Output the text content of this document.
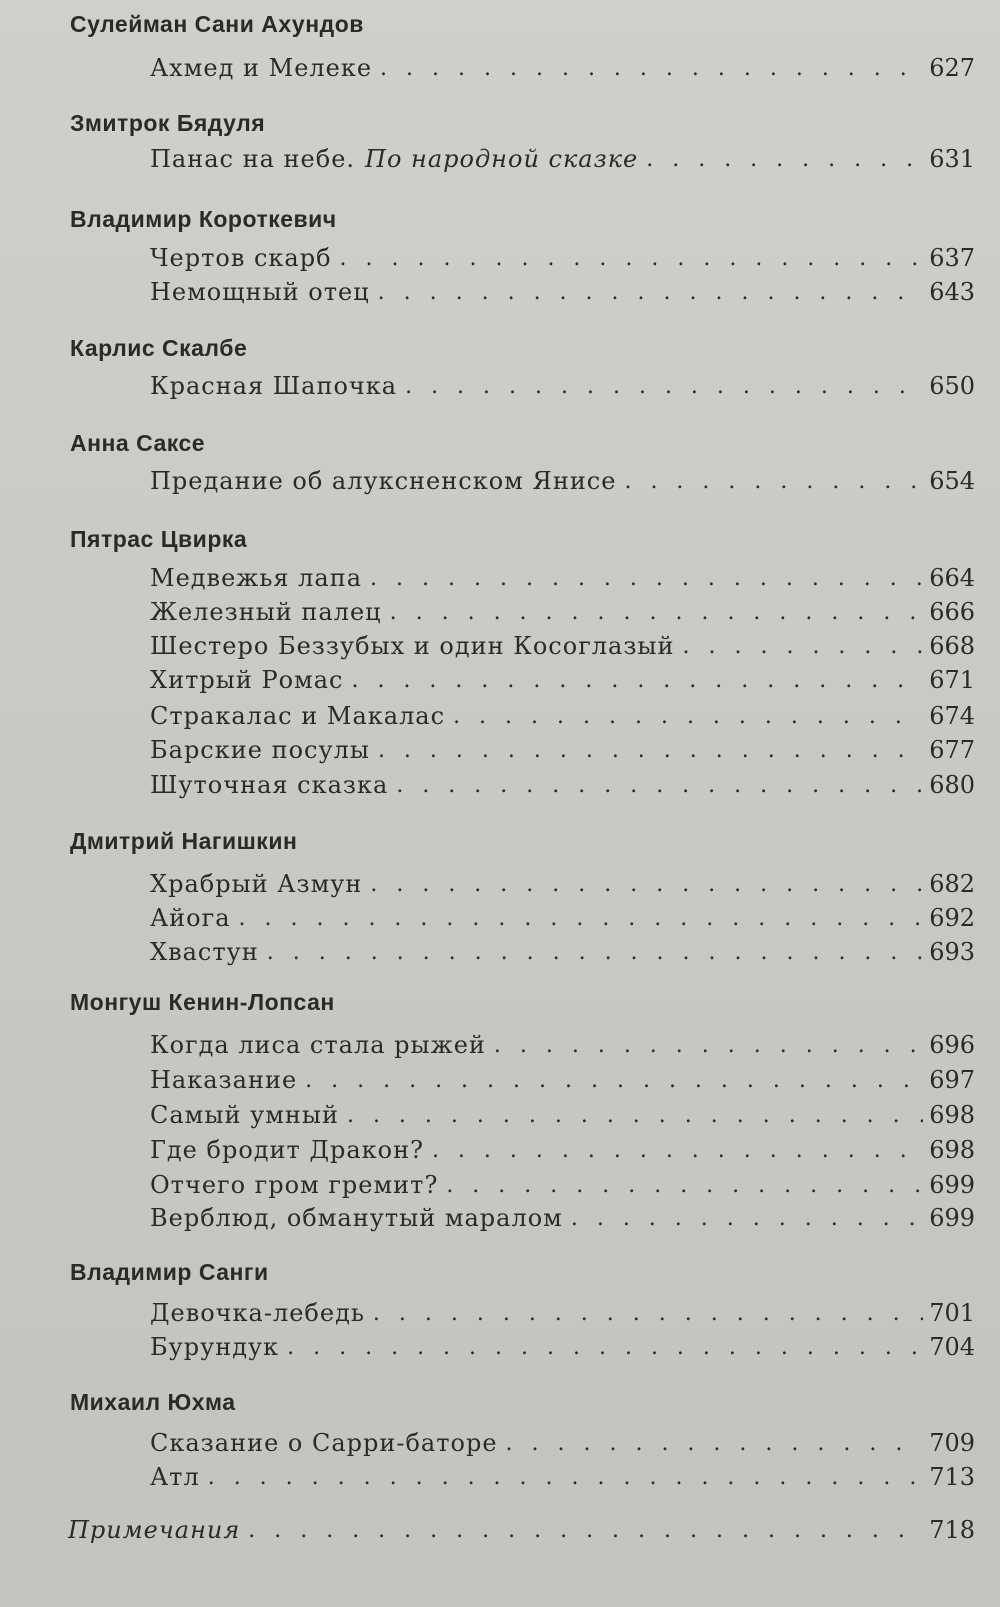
Сулейман Сани Ахундов
Ахмед и Мелеке . . .	627
Змитрок Бядуля
Панас на небе. По народной сказке . . .	631
Владимир Короткевич
Чертов скарб . . .	637
Немощный отец . . .	643
Карлис Скалбе
Красная Шапочка . . .	650
Анна Саксе
Предание об алуксненском Янисе . . .	654
Пятрас Цвирка
Медвежья лапа . . .	664
Железный палец . . .	666
Шестеро Беззубых и один Косоглазый . . .	668
Хитрый Ромас . . .	671
Стракалас и Макалас . . .	674
Барские посулы . . .	677
Шуточная сказка . . .	680
Дмитрий Нагишкин
Храбрый Азмун . . .	682
Айога . . .	692
Хвастун . . .	693
Монгуш Кенин-Лопсан
Когда лиса стала рыжей . . .	696
Наказание . . .	697
Самый умный . . .	698
Где бродит Дракон? . . .	698
Отчего гром гремит? . . .	699
Верблюд, обманутый маралом . . .	699
Владимир Санги
Девочка-лебедь . . .	701
Бурундук . . .	704
Михаил Юхма
Сказание о Сарри-баторе . . .	709
Атл . . .	713
Примечания . . .	718
